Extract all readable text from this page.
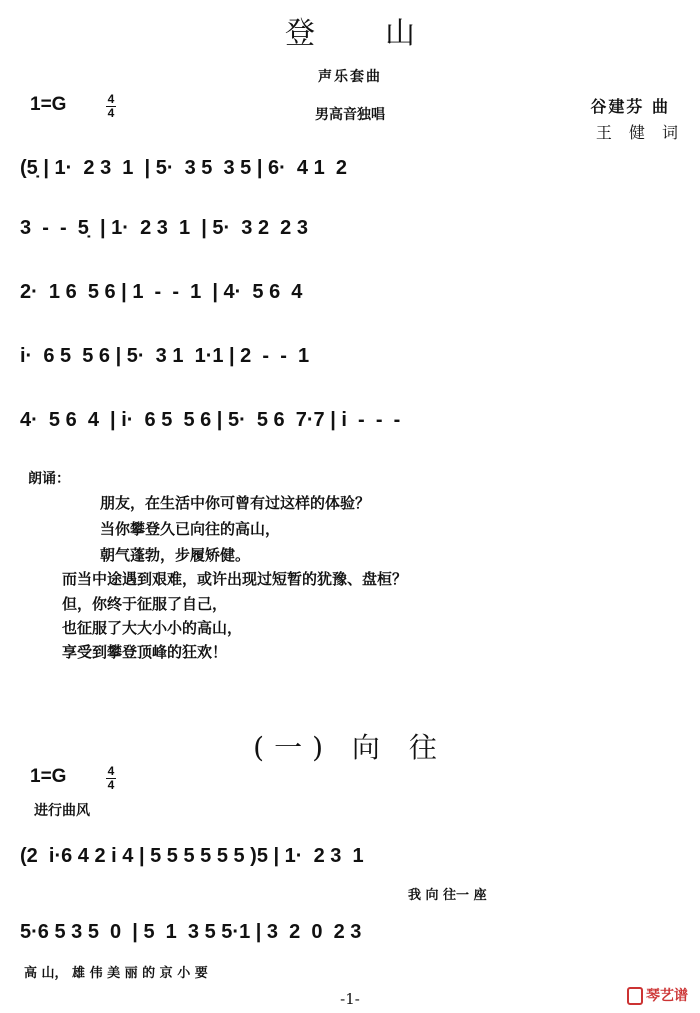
登山
声乐套曲
男高音独唱
1=G	4
4	谷建芬 曲
王 健 词
(5̣ | 1·  2 3  1  | 5·  3 5  3 5 | 6·  4 1  2
3  -  -  5̣  | 1·  2 3  1  | 5·  3 2  2 3
2·  1 6  5 6 | 1  -  -  1  | 4·  5 6  4
i·  6 5  5 6 | 5·  3 1  1·1 | 2  -  -  1
4·  5 6  4  | i·  6 5  5 6 | 5·  5 6  7·7 | i  -  -  -
朗诵：
朋友，在生活中你可曾有过这样的体验？
当你攀登久已向往的高山，
朝气蓬勃，步履矫健。
而当中途遇到艰难，或许出现过短暂的犹豫、盘桓？
但，你终于征服了自己，
也征服了大大小小的高山，
享受到攀登顶峰的狂欢！
(一) 向 往
1=G	4
4
进行曲风
(2  i·6 4 2 i 4 | 5 5 5 5 5 5 )5 | 1·  2 3  1
我 向 往一 座
5·6 5 3 5  0  | 5  1  3 5 5·1 | 3  2  0  2 3
高 山， 雄 伟 美 丽 的 京 小 要
-1-	琴艺谱
